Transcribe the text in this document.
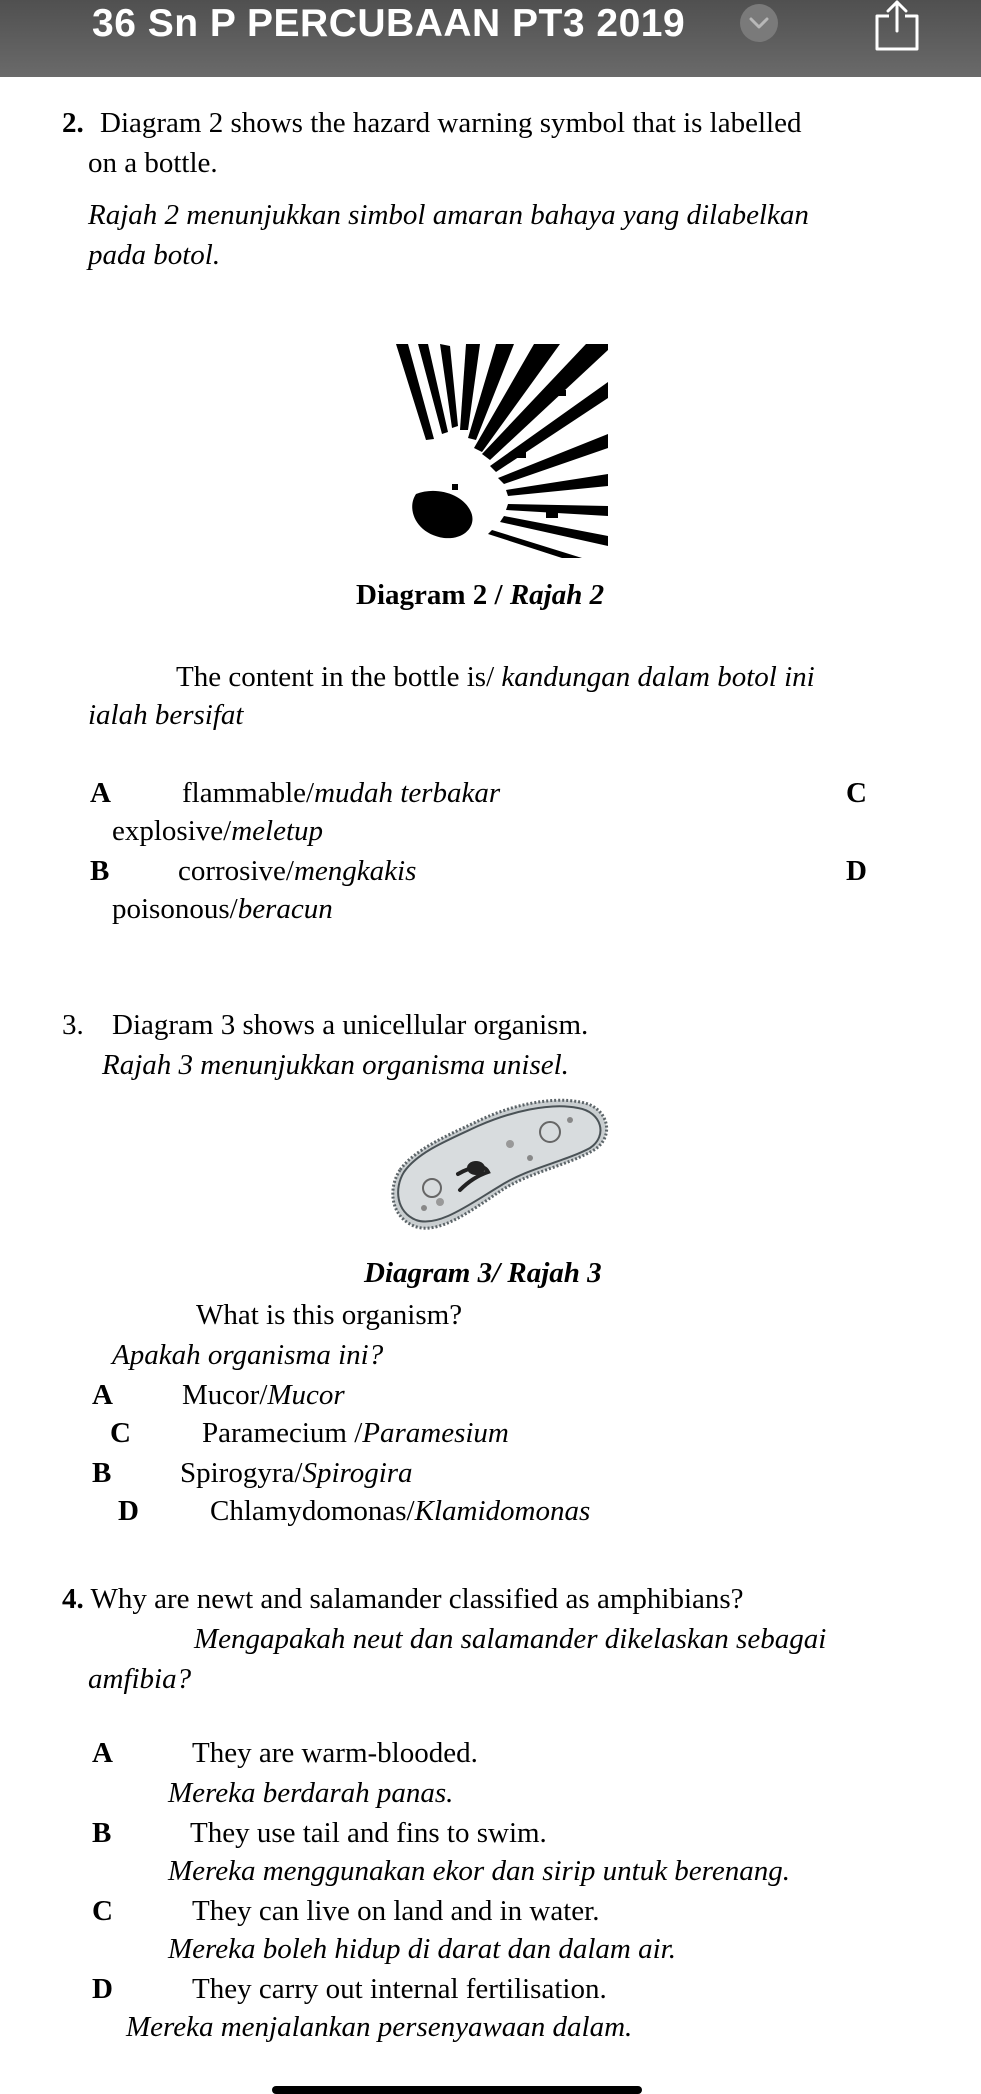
36 Sn P PERCUBAAN PT3 2019
2. Diagram 2 shows the hazard warning symbol that is labelled
on a bottle.
Rajah 2 menunjukkan simbol amaran bahaya yang dilabelkan
pada botol.
Diagram 2 / Rajah 2
The content in the bottle is/ kandungan dalam botol ini
ialah bersifat
A flammable/mudah terbakar	C
explosive/meletup
B corrosive/mengkakis	D
poisonous/beracun
3. Diagram 3 shows a unicellular organism.
Rajah 3 menunjukkan organisma unisel.
Diagram 3/ Rajah 3
What is this organism?
Apakah organisma ini?
A Mucor/Mucor
C Paramecium /Paramesium
B Spirogyra/Spirogira
D Chlamydomonas/Klamidomonas
4. Why are newt and salamander classified as amphibians?
Mengapakah neut dan salamander dikelaskan sebagai
amfibia?
A	They are warm-blooded.
Mereka berdarah panas.
B	They use tail and fins to swim.
Mereka menggunakan ekor dan sirip untuk berenang.
C	They can live on land and in water.
Mereka boleh hidup di darat dan dalam air.
D	They carry out internal fertilisation.
Mereka menjalankan persenyawaan dalam.
